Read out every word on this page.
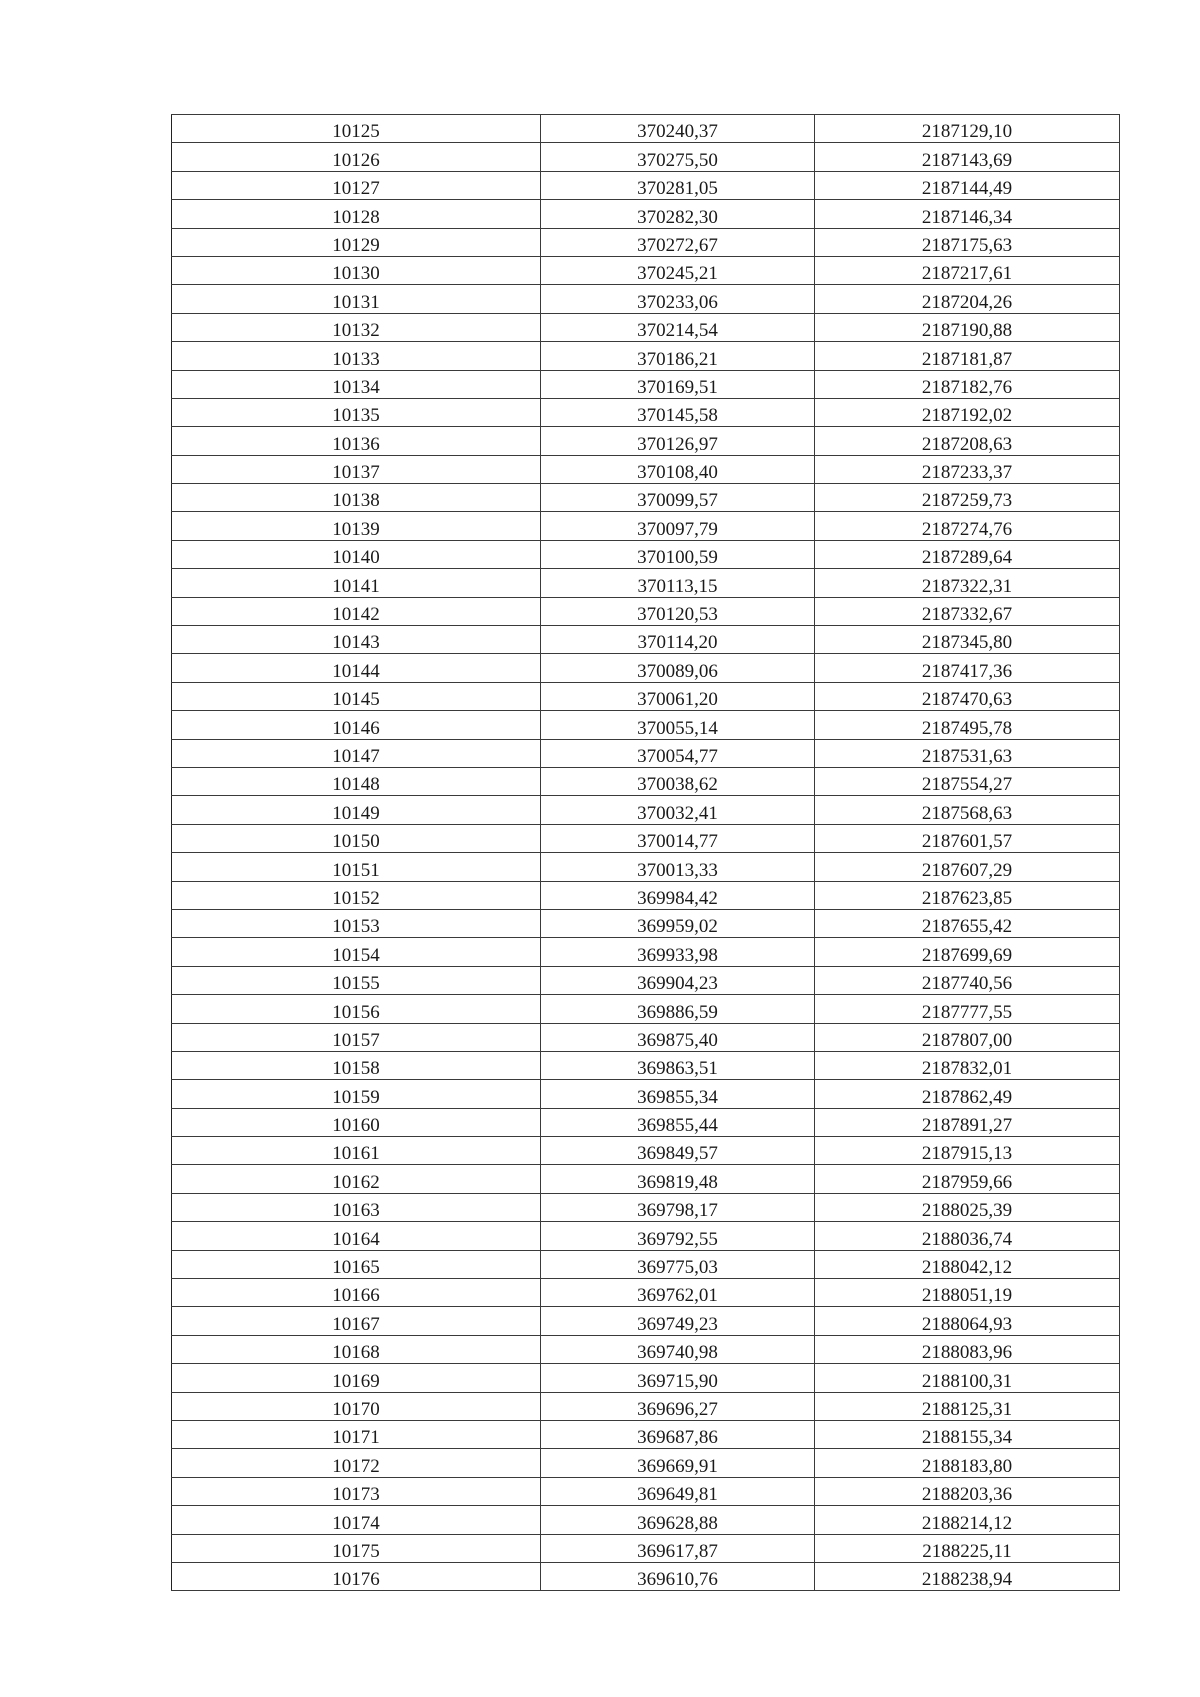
10125	370240,37	2187129,10
10126	370275,50	2187143,69
10127	370281,05	2187144,49
10128	370282,30	2187146,34
10129	370272,67	2187175,63
10130	370245,21	2187217,61
10131	370233,06	2187204,26
10132	370214,54	2187190,88
10133	370186,21	2187181,87
10134	370169,51	2187182,76
10135	370145,58	2187192,02
10136	370126,97	2187208,63
10137	370108,40	2187233,37
10138	370099,57	2187259,73
10139	370097,79	2187274,76
10140	370100,59	2187289,64
10141	370113,15	2187322,31
10142	370120,53	2187332,67
10143	370114,20	2187345,80
10144	370089,06	2187417,36
10145	370061,20	2187470,63
10146	370055,14	2187495,78
10147	370054,77	2187531,63
10148	370038,62	2187554,27
10149	370032,41	2187568,63
10150	370014,77	2187601,57
10151	370013,33	2187607,29
10152	369984,42	2187623,85
10153	369959,02	2187655,42
10154	369933,98	2187699,69
10155	369904,23	2187740,56
10156	369886,59	2187777,55
10157	369875,40	2187807,00
10158	369863,51	2187832,01
10159	369855,34	2187862,49
10160	369855,44	2187891,27
10161	369849,57	2187915,13
10162	369819,48	2187959,66
10163	369798,17	2188025,39
10164	369792,55	2188036,74
10165	369775,03	2188042,12
10166	369762,01	2188051,19
10167	369749,23	2188064,93
10168	369740,98	2188083,96
10169	369715,90	2188100,31
10170	369696,27	2188125,31
10171	369687,86	2188155,34
10172	369669,91	2188183,80
10173	369649,81	2188203,36
10174	369628,88	2188214,12
10175	369617,87	2188225,11
10176	369610,76	2188238,94
